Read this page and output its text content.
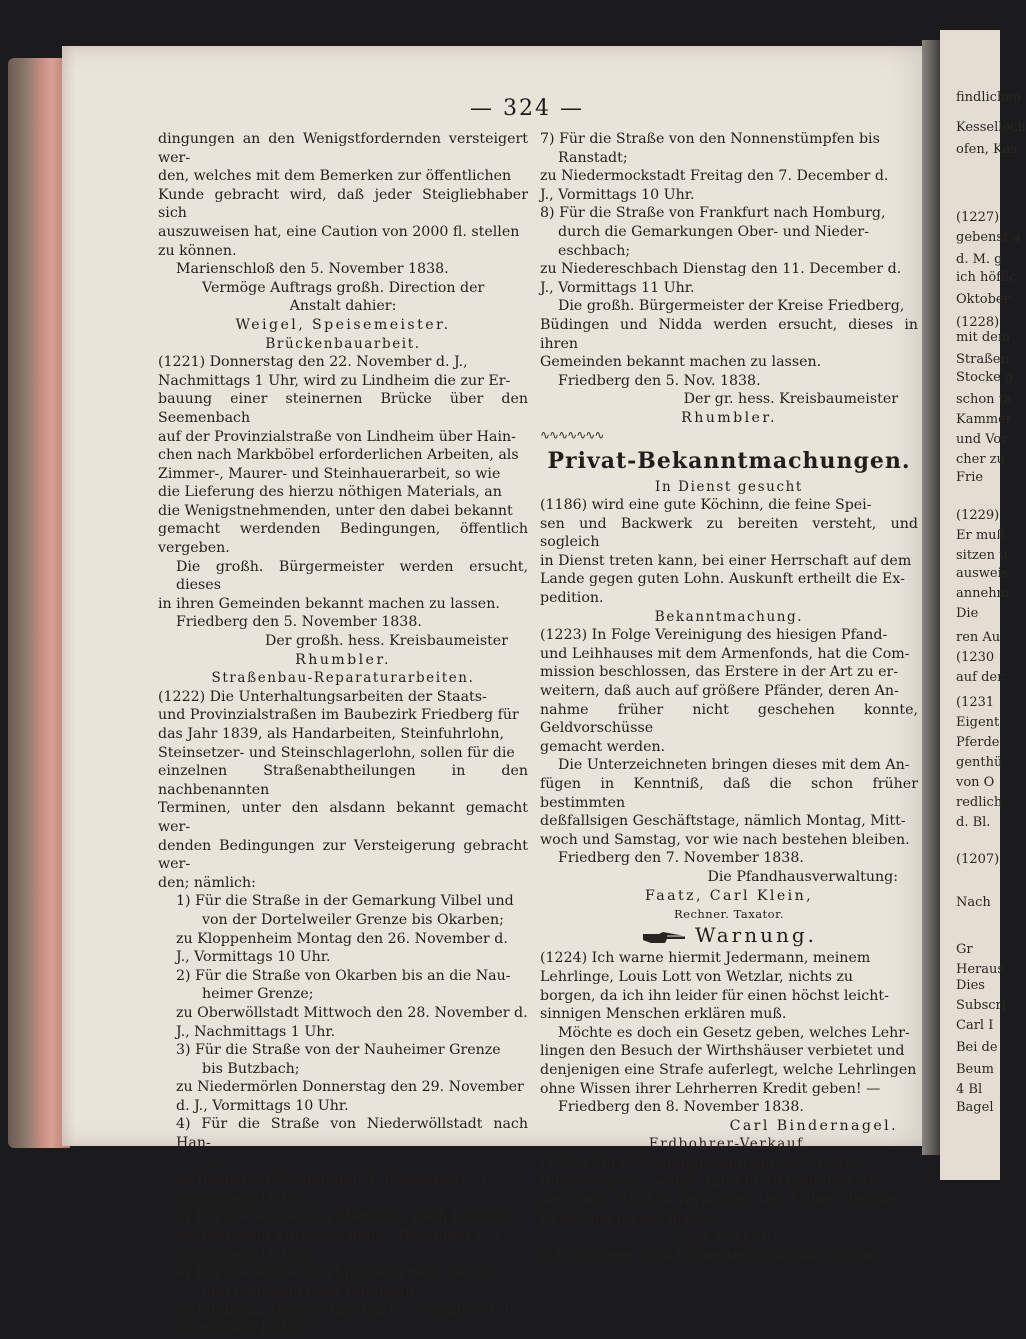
findlichen
Kesselloch
ofen, Kas
(1227)
gebenst a
d. M. g
ich höflic
Oktober
(1228)
mit dem
Straßen
Stocke g
schon ta
Kammer
und Vor
cher zu
Frie
(1229)
Er muß
sitzen u
ausweis
annehm
Die
ren Au
(1230
auf der
(1231
Eigent
Pferde
genthü
von O
redlich
d. Bl.
(1207)
Nach
Gr
Heraus
Dies
Subscri
Carl I
Bei de
Beum
4 Bl
Bagel
— 324 —

dingungen an den Wenigstfordernden versteigert wer-

den, welches mit dem Bemerken zur öffentlichen

Kunde gebracht wird, daß jeder Steigliebhaber sich

auszuweisen hat, eine Caution von 2000 fl. stellen

zu können.

Marienschloß den 5. November 1838.

Vermöge Auftrags großh. Direction der

Anstalt dahier:

Weigel, Speisemeister.

Brückenbauarbeit.

(1221) Donnerstag den 22. November d. J.,

Nachmittags 1 Uhr, wird zu Lindheim die zur Er-

bauung einer steinernen Brücke über den Seemenbach

auf der Provinzialstraße von Lindheim über Hain-

chen nach Markböbel erforderlichen Arbeiten, als

Zimmer-, Maurer- und Steinhauerarbeit, so wie

die Lieferung des hierzu nöthigen Materials, an

die Wenigstnehmenden, unter den dabei bekannt

gemacht werdenden Bedingungen, öffentlich vergeben.

Die großh. Bürgermeister werden ersucht, dieses

in ihren Gemeinden bekannt machen zu lassen.

Friedberg den 5. November 1838.

Der großh. hess. Kreisbaumeister

Rhumbler.

Straßenbau-Reparaturarbeiten.

(1222) Die Unterhaltungsarbeiten der Staats-

und Provinzialstraßen im Baubezirk Friedberg für

das Jahr 1839, als Handarbeiten, Steinfuhrlohn,

Steinsetzer- und Steinschlagerlohn, sollen für die

einzelnen Straßenabtheilungen in den nachbenannten

Terminen, unter den alsdann bekannt gemacht wer-

denden Bedingungen zur Versteigerung gebracht wer-

den; nämlich:

1) Für die Straße in der Gemarkung Vilbel und

von der Dortelweiler Grenze bis Okarben;

zu Kloppenheim Montag den 26. November d.

J., Vormittags 10 Uhr.

2) Für die Straße von Okarben bis an die Nau-

heimer Grenze;

zu Oberwöllstadt Mittwoch den 28. November d.

J., Nachmittags 1 Uhr.

3) Für die Straße von der Nauheimer Grenze

bis Butzbach;

zu Niedermörlen Donnerstag den 29. November

d. J., Vormittags 10 Uhr.

4) Für die Straße von Niederwöllstadt nach Han-

au;

zu Ilbenstadt Montag den 3. December d. J.,

Vormittags 10 Uhr.

5) Für die Straße von Ilbenstadt nach Lindheim;

zu Altenstadt Mittwoch den 5. December d. J.,

Vormittags 10 Uhr.

6) Für die Straße von Lindheim nach Selters

und Lindheim nach Büdingen;

zu Lindheim Donnerstag den 6. December d. J.,

Vormittags 10 Uhr.

7) Für die Straße von den Nonnenstümpfen bis

Ranstadt;

zu Niedermockstadt Freitag den 7. December d.

J., Vormittags 10 Uhr.

8) Für die Straße von Frankfurt nach Homburg,

durch die Gemarkungen Ober- und Nieder-

eschbach;

zu Niedereschbach Dienstag den 11. December d.

J., Vormittags 11 Uhr.

Die großh. Bürgermeister der Kreise Friedberg,

Büdingen und Nidda werden ersucht, dieses in ihren

Gemeinden bekannt machen zu lassen.

Friedberg den 5. Nov. 1838.

Der gr. hess. Kreisbaumeister

Rhumbler.

∿∿∿∿∿∿∿

Privat-Bekanntmachungen.

In Dienst gesucht

(1186) wird eine gute Köchinn, die feine Spei-

sen und Backwerk zu bereiten versteht, und sogleich

in Dienst treten kann, bei einer Herrschaft auf dem

Lande gegen guten Lohn. Auskunft ertheilt die Ex-

pedition.

Bekanntmachung.

(1223) In Folge Vereinigung des hiesigen Pfand-

und Leihhauses mit dem Armenfonds, hat die Com-

mission beschlossen, das Erstere in der Art zu er-

weitern, daß auch auf größere Pfänder, deren An-

nahme früher nicht geschehen konnte, Geldvorschüsse

gemacht werden.

Die Unterzeichneten bringen dieses mit dem An-

fügen in Kenntniß, daß die schon früher bestimmten

deßfallsigen Geschäftstage, nämlich Montag, Mitt-

woch und Samstag, vor wie nach bestehen bleiben.

Friedberg den 7. November 1838.

Die Pfandhausverwaltung:

Faatz, Carl Klein,

Rechner. Taxator.

Warnung.

(1224) Ich warne hiermit Jedermann, meinem

Lehrlinge, Louis Lott von Wetzlar, nichts zu

borgen, da ich ihn leider für einen höchst leicht-

sinnigen Menschen erklären muß.

Möchte es doch ein Gesetz geben, welches Lehr-

lingen den Besuch der Wirthshäuser verbietet und

denjenigen eine Strafe auferlegt, welche Lehrlingen

ohne Wissen ihrer Lehrherren Kredit geben! —

Friedberg den 8. November 1838.

Carl Bindernagel.

Erdbohrer-Verkauf.

(1225) Ein vollständiges und gut construirtes

Bohrwerkzeug, womit 120 Fuß tief gebohrt wer-

den kann, steht zu verkaufen. Das Nähere bei der

Redaction dieses Blattes.

Zum Verkauf.

(1126) Einen noch im beßten Zustande sich be-
